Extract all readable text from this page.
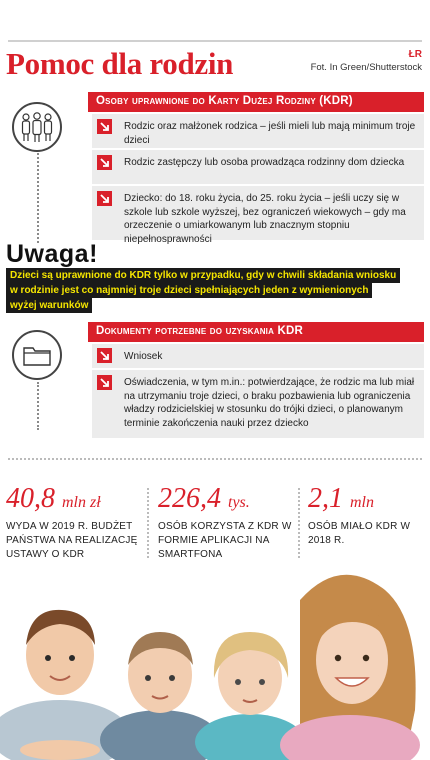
Pomoc dla rodzin	ŁR
Fot. In Green/Shutterstock
Osoby uprawnione do Karty Dużej Rodziny (KDR)
Rodzic oraz małżonek rodzica – jeśli mieli lub mają minimum troje dzieci
Rodzic zastępczy lub osoba prowadząca rodzinny dom dziecka
Dziecko: do 18. roku życia, do 25. roku życia – jeśli uczy się w szkole lub szkole wyższej, bez ograniczeń wiekowych – gdy ma orzeczenie o umiarkowanym lub znacznym stopniu niepełnosprawności
Uwaga!
Dzieci są uprawnione do KDR tylko w przypadku, gdy w chwili składania wniosku
w rodzinie jest co najmniej troje dzieci spełniających jeden z wymienionych
wyżej warunków
Dokumenty potrzebne do uzyskania KDR
Wniosek
Oświadczenia, w tym m.in.: potwierdzające, że rodzic ma lub miał na utrzymaniu troje dzieci, o braku pozbawienia lub ograniczenia władzy rodzicielskiej w stosunku do trójki dzieci, o planowanym terminie zakończenia nauki przez dziecko
40,8 mln zł
WYDA W 2019 R. BUDŻET PAŃSTWA NA REALIZACJĘ USTAWY O KDR
226,4 tys.
OSÓB KORZYSTA Z KDR W FORMIE APLIKACJI NA SMARTFONA
2,1 mln
OSÓB MIAŁO KDR W 2018 R.
